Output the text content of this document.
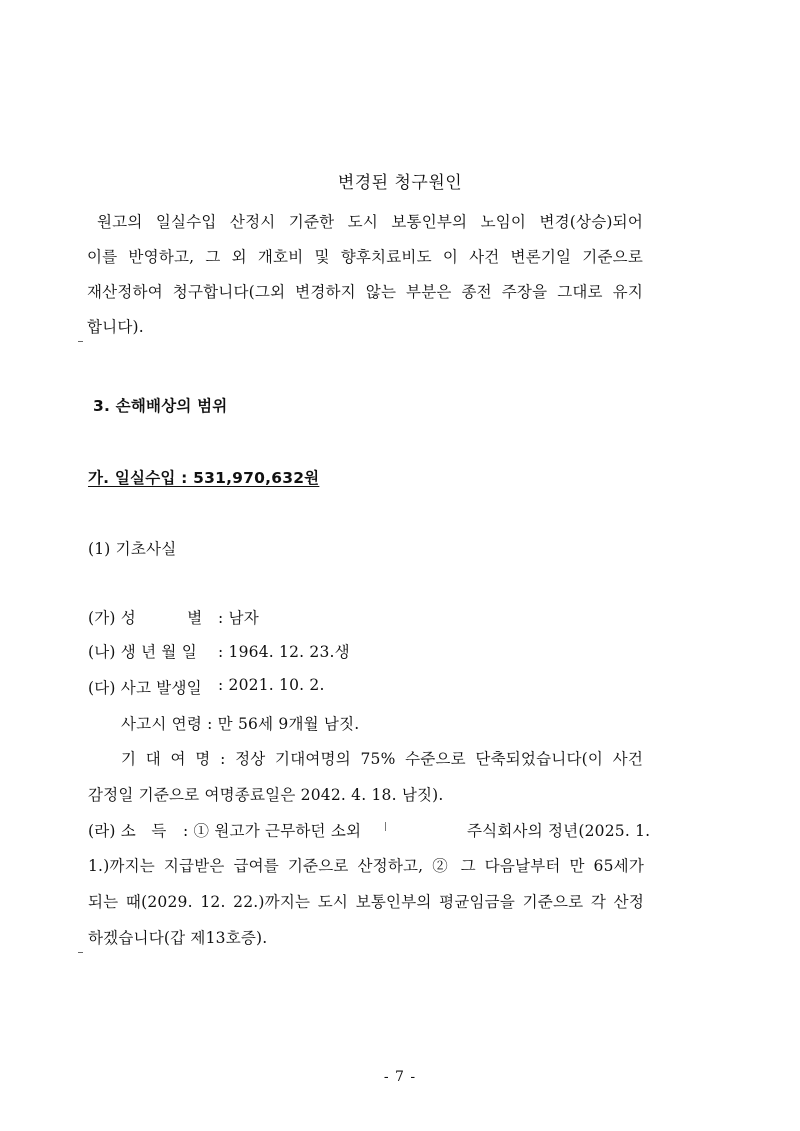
변경된 청구원인
원고의 일실수입 산정시 기준한 도시 보통인부의 노임이 변경(상승)되어
이를 반영하고, 그 외 개호비 및 향후치료비도 이 사건 변론기일 기준으로
재산정하여 청구합니다(그외 변경하지 않는 부분은 종전 주장을 그대로 유지
합니다).
3. 손해배상의 범위
가. 일실수입 : 531,970,632원
(1) 기초사실
(가) 성          별 : 남자
(나) 생 년 월 일 : 1964. 12. 23.생
(다) 사고 발생일 : 2021. 10. 2.
사고시 연령 : 만 56세 9개월 남짓.
기 대 여 명 : 정상 기대여명의 75% 수준으로 단축되었습니다(이 사건
감정일 기준으로 여명종료일은 2042. 4. 18. 남짓).
(라) 소   득 : ① 원고가 근무하던 소외	주식회사의 정년(2025. 1.
1.)까지는 지급받은 급여를 기준으로 산정하고, ② 그 다음날부터 만 65세가
되는 때(2029. 12. 22.)까지는 도시 보통인부의 평균임금을 기준으로 각 산정
하겠습니다(갑 제13호증).
- 7 -
